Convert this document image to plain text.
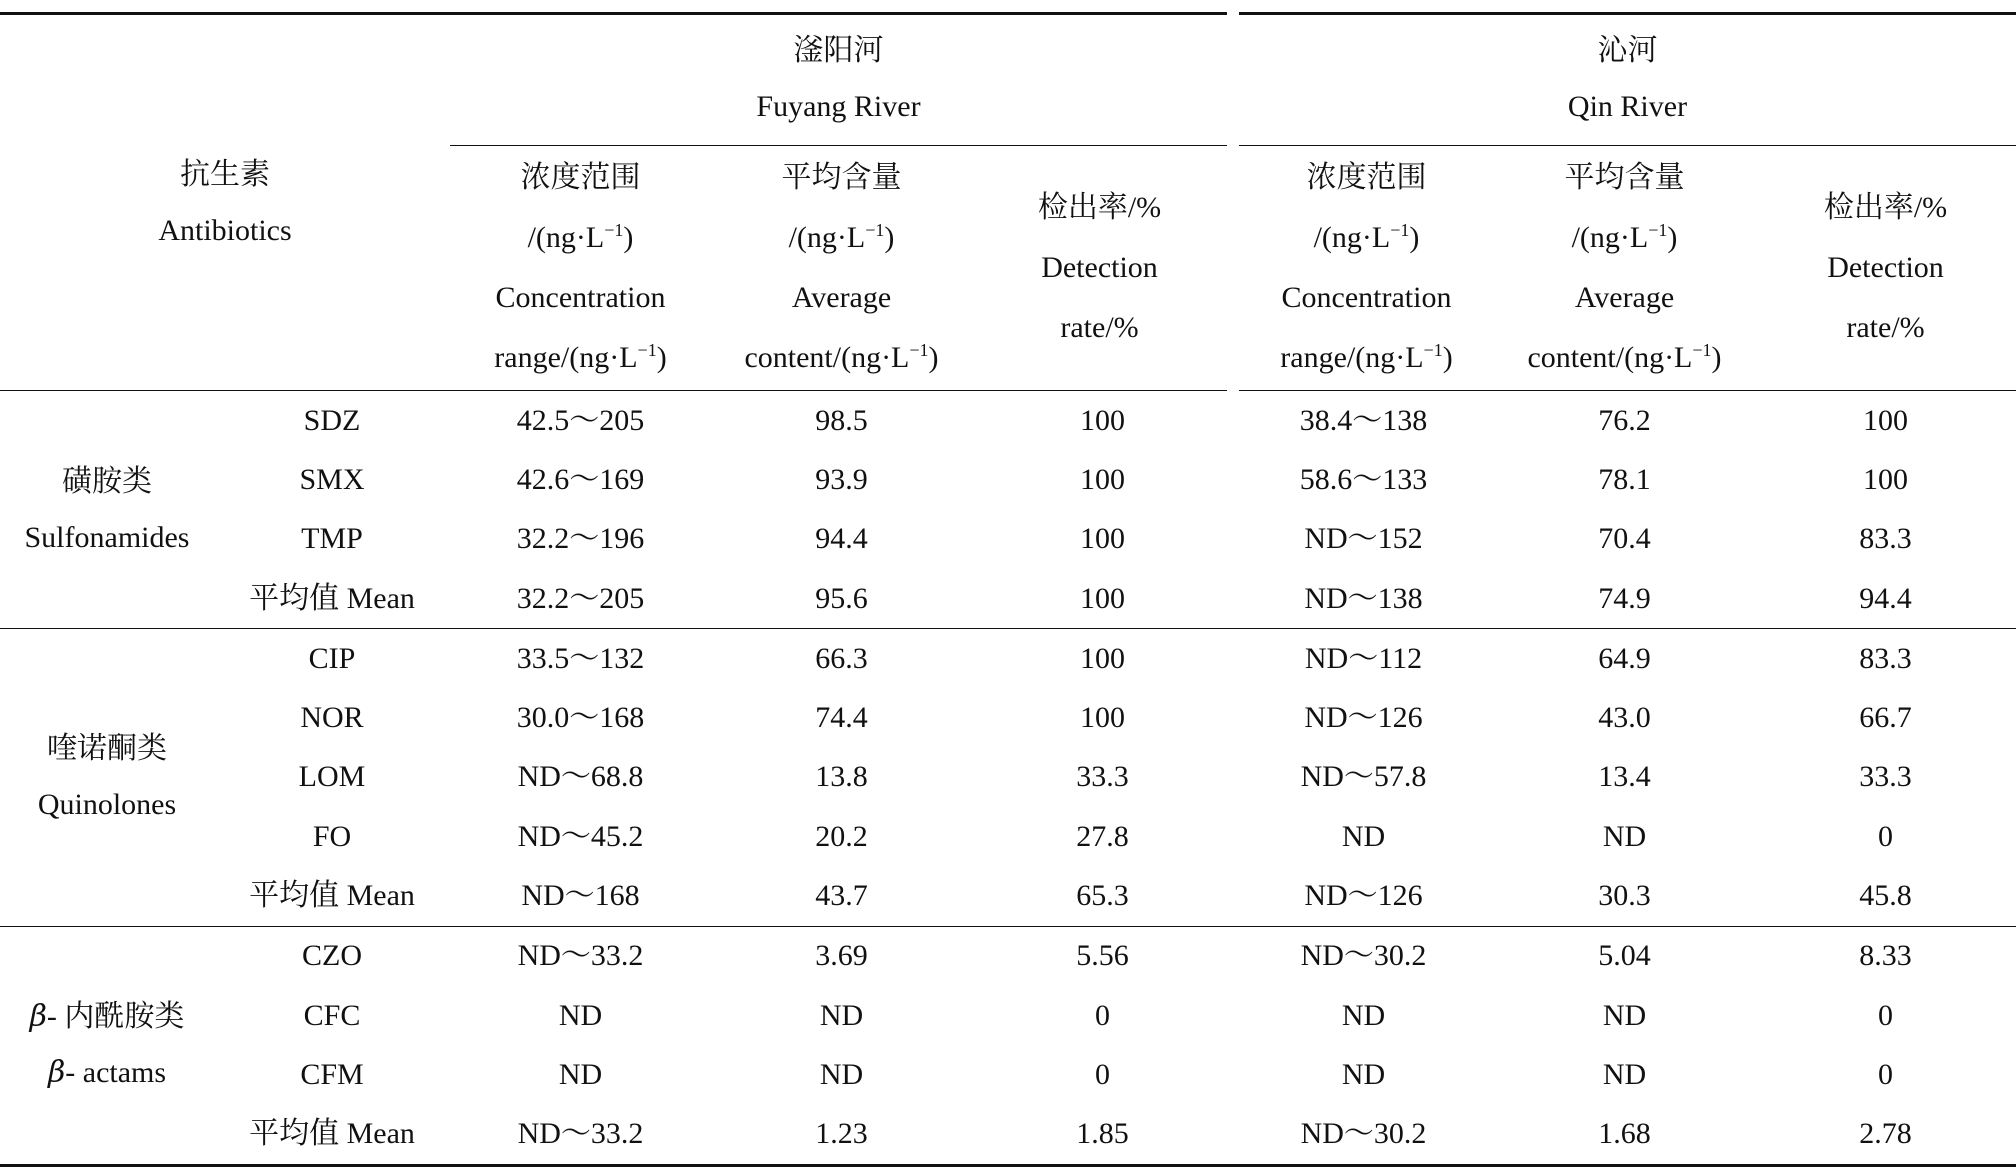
抗生素
Antibiotics		滏阳河
Fuyang River			沁河
Qin River		

		浓度范围
$/(ng\cdot L^{-1})$
Concentration
range/$(ng\cdot L^{-1})$	平均含量
$/(ng\cdot L^{-1})$
Average
content/$(ng\cdot L^{-1})$	检出率/%
Detection
rate/%	浓度范围
$/(ng\cdot L^{-1})$
Concentration
range/$(ng\cdot L^{-1})$	平均含量
$/(ng\cdot L^{-1})$
Average
content/$(ng\cdot L^{-1})$	检出率/%
Detection
rate/%

磺胺类
Sulfonamides	SDZ	42.5～205	98.5	100	38.4～138	76.2	100
	SMX	42.6～169	93.9	100	58.6～133	78.1	100
	TMP	32.2～196	94.4	100	ND～152	70.4	83.3
	平均值 Mean	32.2～205	95.6	100	ND～138	74.9	94.4

喹诺酮类
Quinolones	CIP	33.5～132	66.3	100	ND～112	64.9	83.3
	NOR	30.0～168	74.4	100	ND～126	43.0	66.7
	LOM	ND～68.8	13.8	33.3	ND～57.8	13.4	33.3
	FO	ND～45.2	20.2	27.8	ND	ND	0
	平均值 Mean	ND～168	43.7	65.3	ND～126	30.3	45.8

β- 内酰胺类
β- actams	CZO	ND～33.2	3.69	5.56	ND～30.2	5.04	8.33
	CFC	ND	ND	0	ND	ND	0
	CFM	ND	ND	0	ND	ND	0
	平均值 Mean	ND～33.2	1.23	1.85	ND～30.2	1.68	2.78
